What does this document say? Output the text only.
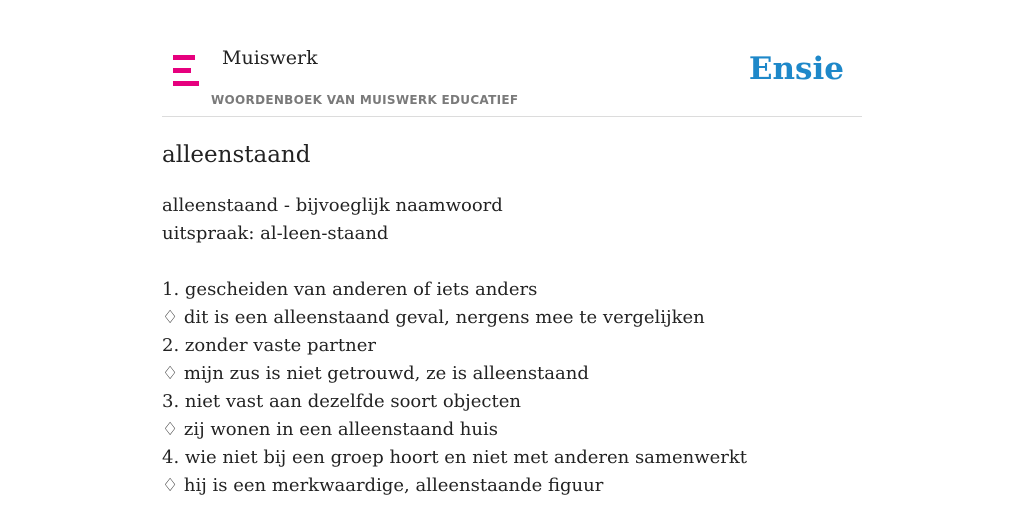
Muiswerk
WOORDENBOEK VAN MUISWERK EDUCATIEF
Ensie
alleenstaand
alleenstaand - bijvoeglijk naamwoord
uitspraak: al-leen-staand
1. gescheiden van anderen of iets anders
♢ dit is een alleenstaand geval, nergens mee te vergelijken
2. zonder vaste partner
♢ mijn zus is niet getrouwd, ze is alleenstaand
3. niet vast aan dezelfde soort objecten
♢ zij wonen in een alleenstaand huis
4. wie niet bij een groep hoort en niet met anderen samenwerkt
♢ hij is een merkwaardige, alleenstaande figuur
